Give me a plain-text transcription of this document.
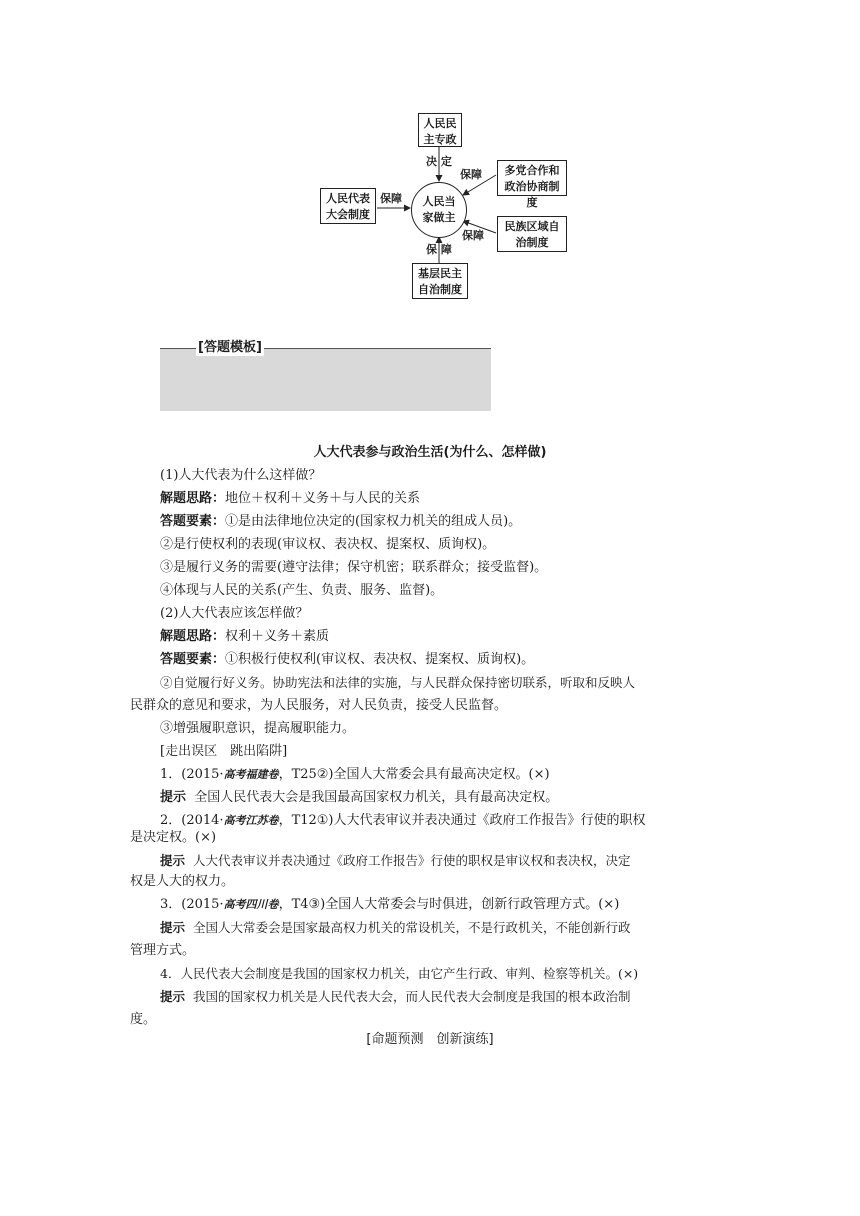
人民民主专政
决 定
人民代表大会制度
保障	人民当家做主
多党合作和政治协商制度
保障
民族区域自治制度
保障
基层民主自治制度
保 障
[答题模板]
人大代表参与政治生活(为什么、怎样做)
(1)人大代表为什么这样做？
解题思路：地位＋权利＋义务＋与人民的关系
答题要素：①是由法律地位决定的(国家权力机关的组成人员)。
②是行使权利的表现(审议权、表决权、提案权、质询权)。
③是履行义务的需要(遵守法律；保守机密；联系群众；接受监督)。
④体现与人民的关系(产生、负责、服务、监督)。
(2)人大代表应该怎样做？
解题思路：权利＋义务＋素质
答题要素：①积极行使权利(审议权、表决权、提案权、质询权)。
②自觉履行好义务。协助宪法和法律的实施，与人民群众保持密切联系，听取和反映人
民群众的意见和要求，为人民服务，对人民负责，接受人民监督。
③增强履职意识，提高履职能力。
[走出误区　跳出陷阱]
1．(2015·高考福建卷，T25②)全国人大常委会具有最高决定权。(×)
提示 全国人民代表大会是我国最高国家权力机关，具有最高决定权。
2．(2014·高考江苏卷，T12①)人大代表审议并表决通过《政府工作报告》行使的职权
是决定权。(×)
提示 人大代表审议并表决通过《政府工作报告》行使的职权是审议权和表决权，决定
权是人大的权力。
3．(2015·高考四川卷，T4③)全国人大常委会与时俱进，创新行政管理方式。(×)
提示 全国人大常委会是国家最高权力机关的常设机关，不是行政机关，不能创新行政
管理方式。
4．人民代表大会制度是我国的国家权力机关，由它产生行政、审判、检察等机关。(×)
提示 我国的国家权力机关是人民代表大会，而人民代表大会制度是我国的根本政治制
度。
[命题预测　创新演练]
